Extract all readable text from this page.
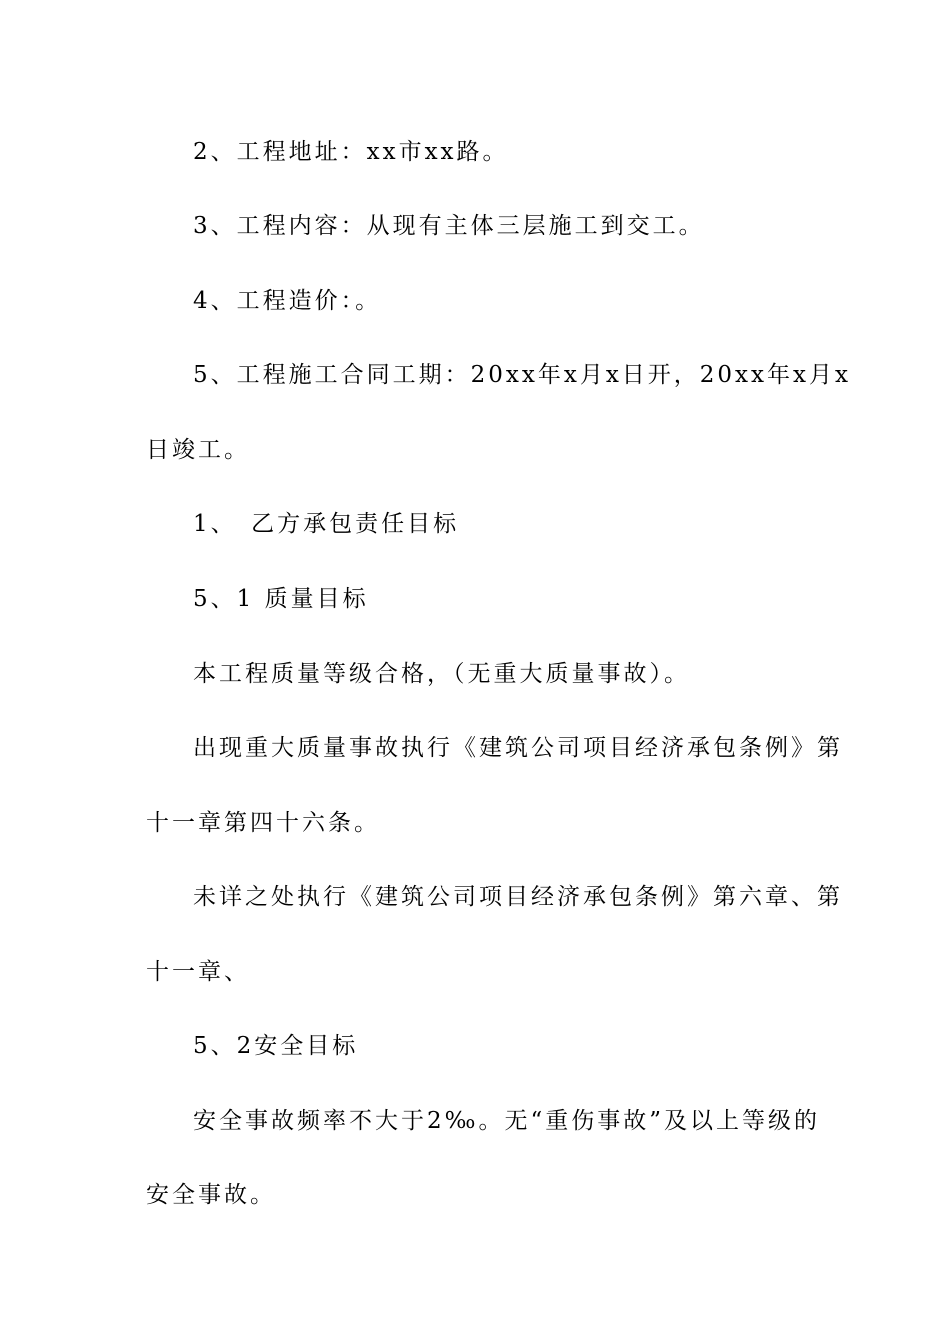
2、工程地址：xx市xx路。

3、工程内容：从现有主体三层施工到交工。

4、工程造价：。

5、工程施工合同工期：20xx年x月x日开，20xx年x月x

日竣工。

1、　乙方承包责任目标

5、1 质量目标

本工程质量等级合格，（无重大质量事故）。

出现重大质量事故执行《建筑公司项目经济承包条例》第

十一章第四十六条。

未详之处执行《建筑公司项目经济承包条例》第六章、第

十一章、

5、2安全目标

安全事故频率不大于2‰。无“重伤事故”及以上等级的

安全事故。
